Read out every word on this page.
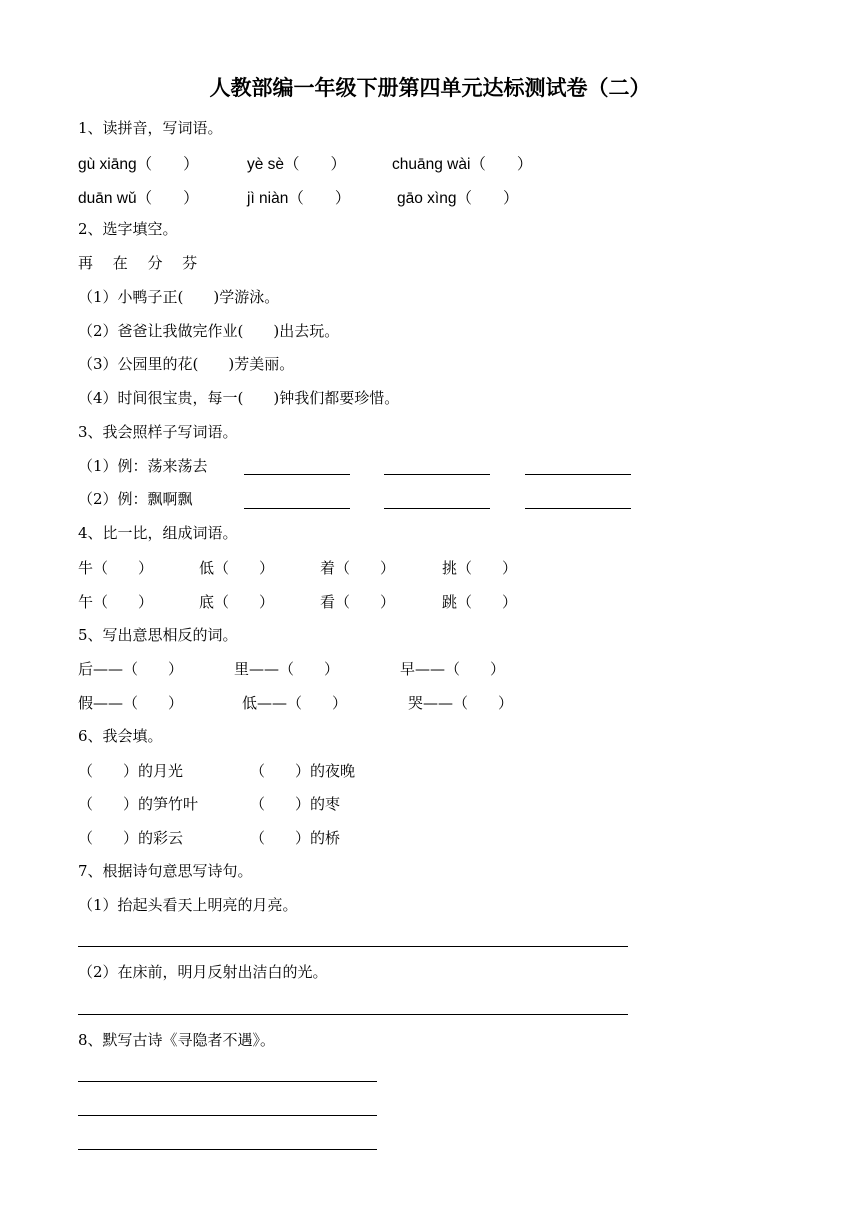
人教部编一年级下册第四单元达标测试卷（二）
1、读拼音，写词语。
gù xiāng（　　）	yè sè（　　）	chuāng wài（　　）
duān wǔ（　　）	jì niàn（　　）	gāo xìng（　　）
2、选字填空。
再　 在　 分　 芬
（1）小鸭子正(　　)学游泳。
（2）爸爸让我做完作业(　　)出去玩。
（3）公园里的花(　　)芳美丽。
（4）时间很宝贵，每一(　　)钟我们都要珍惜。
3、我会照样子写词语。
（1）例：荡来荡去
（2）例：飘啊飘
4、比一比，组成词语。
牛（　　）	低（　　）	着（　　）	挑（　　）
午（　　）	底（　　）	看（　　）	跳（　　）
5、写出意思相反的词。
后——（　　）	里——（　　）	早——（　　）
假——（　　）	低——（　　）	哭——（　　）
6、我会填。
（　　）的月光	（　　）的夜晚
（　　）的笋竹叶	（　　）的枣
（　　）的彩云	（　　）的桥
7、根据诗句意思写诗句。
（1）抬起头看天上明亮的月亮。
（2）在床前，明月反射出洁白的光。
8、默写古诗《寻隐者不遇》。
